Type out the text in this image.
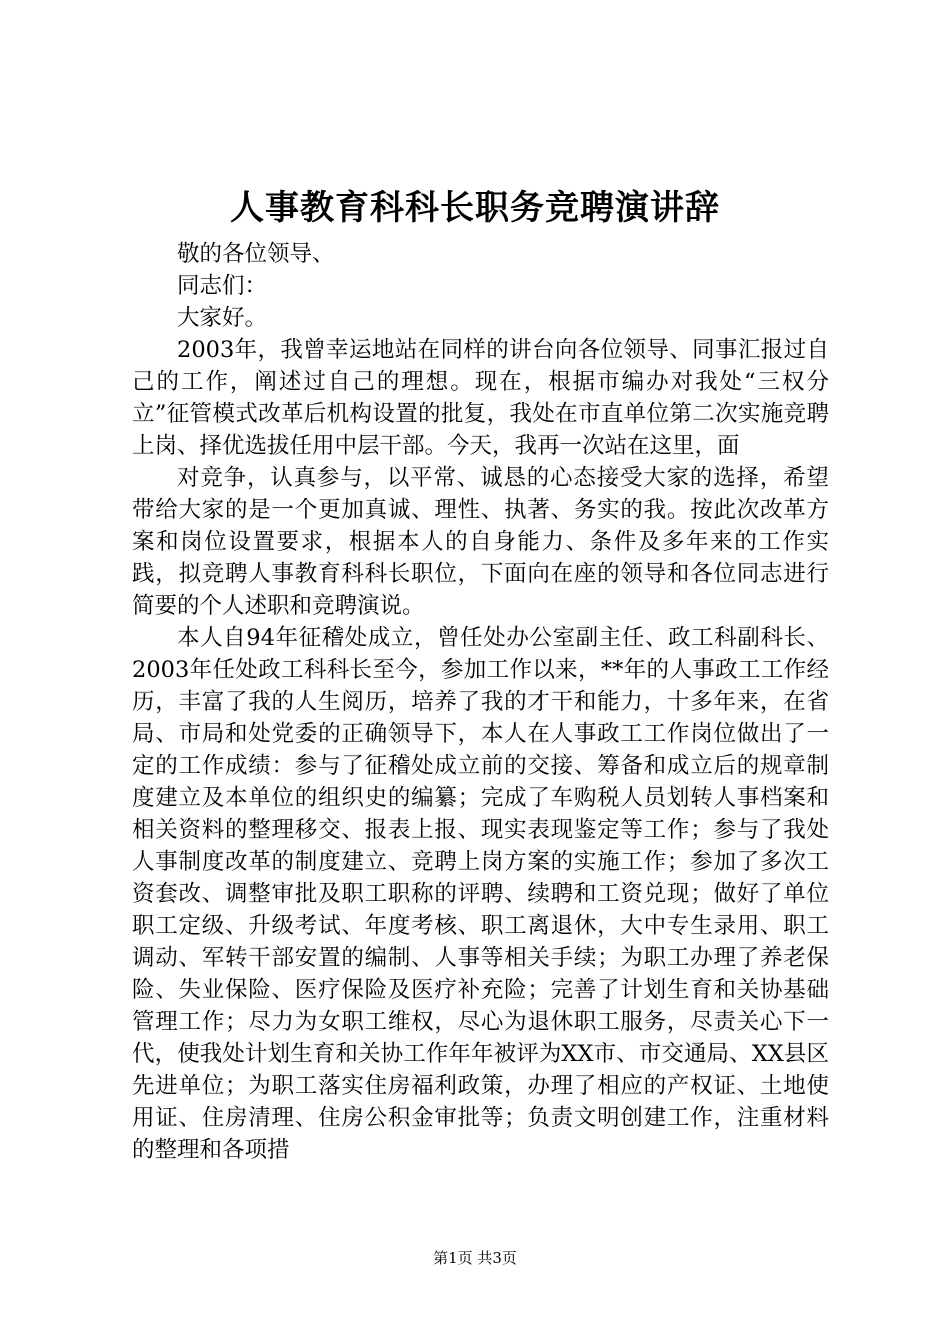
人事教育科科长职务竞聘演讲辞

敬的各位领导、

同志们：

大家好。

2003年，我曾幸运地站在同样的讲台向各位领导、同事汇报过自己的工作，阐述过自己的理想。现在，根据市编办对我处“三权分立”征管模式改革后机构设置的批复，我处在市直单位第二次实施竞聘上岗、择优选拔任用中层干部。今天，我再一次站在这里，面

对竞争，认真参与，以平常、诚恳的心态接受大家的选择，希望带给大家的是一个更加真诚、理性、执著、务实的我。按此次改革方案和岗位设置要求，根据本人的自身能力、条件及多年来的工作实践，拟竞聘人事教育科科长职位，下面向在座的领导和各位同志进行简要的个人述职和竞聘演说。

本人自94年征稽处成立，曾任处办公室副主任、政工科副科长、2003年任处政工科科长至今，参加工作以来，**年的人事政工工作经历，丰富了我的人生阅历，培养了我的才干和能力，十多年来，在省局、市局和处党委的正确领导下，本人在人事政工工作岗位做出了一定的工作成绩：参与了征稽处成立前的交接、筹备和成立后的规章制度建立及本单位的组织史的编纂；完成了车购税人员划转人事档案和相关资料的整理移交、报表上报、现实表现鉴定等工作；参与了我处人事制度改革的制度建立、竞聘上岗方案的实施工作；参加了多次工资套改、调整审批及职工职称的评聘、续聘和工资兑现；做好了单位职工定级、升级考试、年度考核、职工离退休，大中专生录用、职工调动、军转干部安置的编制、人事等相关手续；为职工办理了养老保险、失业保险、医疗保险及医疗补充险；完善了计划生育和关协基础管理工作；尽力为女职工维权，尽心为退休职工服务，尽责关心下一代，使我处计划生育和关协工作年年被评为XX市、市交通局、XX县区先进单位；为职工落实住房福利政策，办理了相应的产权证、土地使用证、住房清理、住房公积金审批等；负责文明创建工作，注重材料的整理和各项措

第1页 共3页
